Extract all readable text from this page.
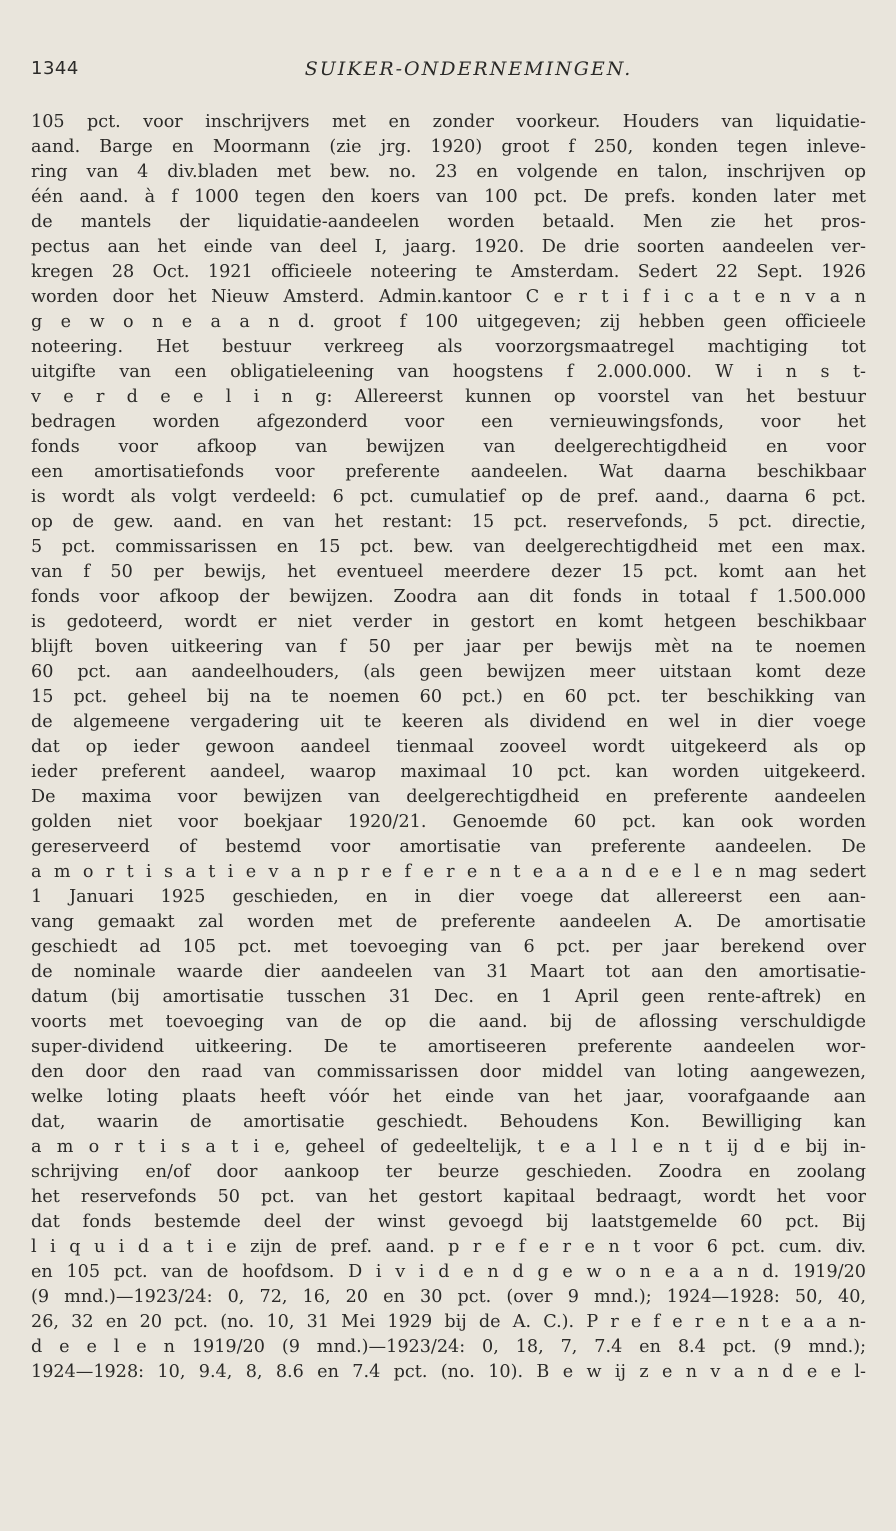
1344	SUIKER-ONDERNEMINGEN.
105 pct. voor inschrijvers met en zonder voorkeur. Houders van liquidatie-
aand. Barge en Moormann (zie jrg. 1920) groot f 250, konden tegen inleve-
ring van 4 div.bladen met bew. no. 23 en volgende en talon, inschrijven op
één aand. à f 1000 tegen den koers van 100 pct. De prefs. konden later met
de mantels der liquidatie-aandeelen worden betaald. Men zie het pros-
pectus aan het einde van deel I, jaarg. 1920. De drie soorten aandeelen ver-
kregen 28 Oct. 1921 officieele noteering te Amsterdam. Sedert 22 Sept. 1926
worden door het Nieuw Amsterd. Admin.kantoor C e r t i f i c a t e n v a n
g e w o n e a a n d. groot f 100 uitgegeven; zij hebben geen officieele
noteering. Het bestuur verkreeg als voorzorgsmaatregel machtiging tot
uitgifte van een obligatieleening van hoogstens f 2.000.000. W i n s t-
v e r d e e l i n g: Allereerst kunnen op voorstel van het bestuur
bedragen worden afgezonderd voor een vernieuwingsfonds, voor het
fonds voor afkoop van bewijzen van deelgerechtigdheid en voor
een amortisatiefonds voor preferente aandeelen. Wat daarna beschikbaar
is wordt als volgt verdeeld: 6 pct. cumulatief op de pref. aand., daarna 6 pct.
op de gew. aand. en van het restant: 15 pct. reservefonds, 5 pct. directie,
5 pct. commissarissen en 15 pct. bew. van deelgerechtigdheid met een max.
van f 50 per bewijs, het eventueel meerdere dezer 15 pct. komt aan het
fonds voor afkoop der bewijzen. Zoodra aan dit fonds in totaal f 1.500.000
is gedoteerd, wordt er niet verder in gestort en komt hetgeen beschikbaar
blijft boven uitkeering van f 50 per jaar per bewijs mèt na te noemen
60 pct. aan aandeelhouders, (als geen bewijzen meer uitstaan komt deze
15 pct. geheel bij na te noemen 60 pct.) en 60 pct. ter beschikking van
de algemeene vergadering uit te keeren als dividend en wel in dier voege
dat op ieder gewoon aandeel tienmaal zooveel wordt uitgekeerd als op
ieder preferent aandeel, waarop maximaal 10 pct. kan worden uitgekeerd.
De maxima voor bewijzen van deelgerechtigdheid en preferente aandeelen
golden niet voor boekjaar 1920/21. Genoemde 60 pct. kan ook worden
gereserveerd of bestemd voor amortisatie van preferente aandeelen. De
a m o r t i s a t i e v a n p r e f e r e n t e a a n d e e l e n mag sedert
1 Januari 1925 geschieden, en in dier voege dat allereerst een aan-
vang gemaakt zal worden met de preferente aandeelen A. De amortisatie
geschiedt ad 105 pct. met toevoeging van 6 pct. per jaar berekend over
de nominale waarde dier aandeelen van 31 Maart tot aan den amortisatie-
datum (bij amortisatie tusschen 31 Dec. en 1 April geen rente-aftrek) en
voorts met toevoeging van de op die aand. bij de aflossing verschuldigde
super-dividend uitkeering. De te amortiseeren preferente aandeelen wor-
den door den raad van commissarissen door middel van loting aangewezen,
welke loting plaats heeft vóór het einde van het jaar, voorafgaande aan
dat, waarin de amortisatie geschiedt. Behoudens Kon. Bewilliging kan
a m o r t i s a t i e, geheel of gedeeltelijk, t e a l l e n t ij d e bij in-
schrijving en/of door aankoop ter beurze geschieden. Zoodra en zoolang
het reservefonds 50 pct. van het gestort kapitaal bedraagt, wordt het voor
dat fonds bestemde deel der winst gevoegd bij laatstgemelde 60 pct. Bij
l i q u i d a t i e zijn de pref. aand. p r e f e r e n t voor 6 pct. cum. div.
en 105 pct. van de hoofdsom. D i v i d e n d g e w o n e a a n d. 1919/20
(9 mnd.)—1923/24: 0, 72, 16, 20 en 30 pct. (over 9 mnd.); 1924—1928: 50, 40,
26, 32 en 20 pct. (no. 10, 31 Mei 1929 bij de A. C.). P r e f e r e n t e a a n-
d e e l e n 1919/20 (9 mnd.)—1923/24: 0, 18, 7, 7.4 en 8.4 pct. (9 mnd.);
1924—1928: 10, 9.4, 8, 8.6 en 7.4 pct. (no. 10). B e w ij z e n v a n d e e l-
